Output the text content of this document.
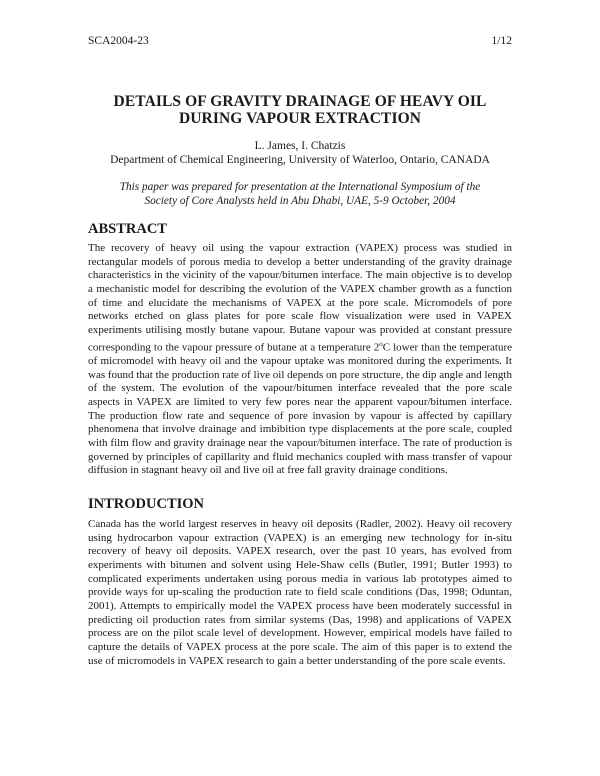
SCA2004-23	1/12
DETAILS OF GRAVITY DRAINAGE OF HEAVY OIL
DURING VAPOUR EXTRACTION
L. James, I. Chatzis
Department of Chemical Engineering, University of Waterloo, Ontario, CANADA
This paper was prepared for presentation at the International Symposium of the
Society of Core Analysts held in Abu Dhabi, UAE, 5-9 October, 2004
ABSTRACT

The recovery of heavy oil using the vapour extraction (VAPEX) process was studied in rectangular models of porous media to develop a better understanding of the gravity drainage characteristics in the vicinity of the vapour/bitumen interface. The main objective is to develop a mechanistic model for describing the evolution of the VAPEX chamber growth as a function of time and elucidate the mechanisms of VAPEX at the pore scale. Micromodels of pore networks etched on glass plates for pore scale flow visualization were used in VAPEX experiments utilising mostly butane vapour. Butane vapour was provided at constant pressure corresponding to the vapour pressure of butane at a temperature 2$^o$C lower than the temperature of micromodel with heavy oil and the vapour uptake was monitored during the experiments. It was found that the production rate of live oil depends on pore structure, the dip angle and length of the system. The evolution of the vapour/bitumen interface revealed that the pore scale aspects in VAPEX are limited to very few pores near the apparent vapour/bitumen interface. The production flow rate and sequence of pore invasion by vapour is affected by capillary phenomena that involve drainage and imbibition type displacements at the pore scale, coupled with film flow and gravity drainage near the vapour/bitumen interface. The rate of production is governed by principles of capillarity and fluid mechanics coupled with mass transfer of vapour diffusion in stagnant heavy oil and live oil at free fall gravity drainage conditions.

INTRODUCTION

Canada has the world largest reserves in heavy oil deposits (Radler, 2002). Heavy oil recovery using hydrocarbon vapour extraction (VAPEX) is an emerging new technology for in-situ recovery of heavy oil deposits. VAPEX research, over the past 10 years, has evolved from experiments with bitumen and solvent using Hele-Shaw cells (Butler, 1991; Butler 1993) to complicated experiments undertaken using porous media in various lab prototypes aimed to provide ways for up-scaling the production rate to field scale conditions (Das, 1998; Oduntan, 2001). Attempts to empirically model the VAPEX process have been moderately successful in predicting oil production rates from similar systems (Das, 1998) and applications of VAPEX process are on the pilot scale level of development. However, empirical models have failed to capture the details of VAPEX process at the pore scale. The aim of this paper is to extend the use of micromodels in VAPEX research to gain a better understanding of the pore scale events.
